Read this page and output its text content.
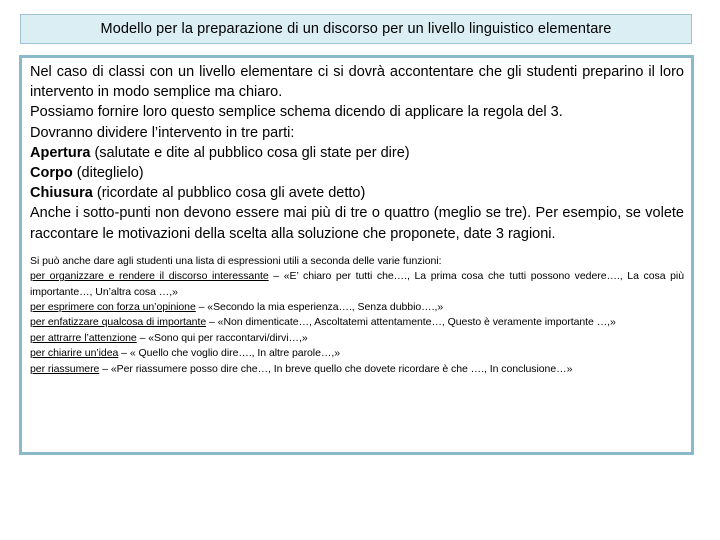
Modello per la preparazione di un discorso per un livello linguistico elementare

Nel caso di classi con un livello elementare ci si dovrà accontentare che gli studenti preparino il loro intervento in modo semplice ma chiaro.

Possiamo fornire loro questo semplice schema dicendo di applicare la regola del 3.

Dovranno dividere l’intervento in tre parti:

Apertura (salutate e dite al pubblico cosa gli state per dire)

Corpo (diteglielo)

Chiusura (ricordate al pubblico cosa gli avete detto)

Anche i sotto-punti non devono essere mai più di tre o quattro (meglio se tre). Per esempio, se volete raccontare le motivazioni della scelta alla soluzione che proponete, date 3 ragioni.

Si può anche dare agli studenti una lista di espressioni utili a seconda delle varie funzioni:

per organizzare e rendere il discorso interessante – «E’ chiaro per tutti che…., La prima cosa che tutti possono vedere…., La cosa più importante…, Un’altra cosa …,»

per esprimere con forza un’opinione – «Secondo la mia esperienza…., Senza dubbio….,»

per enfatizzare qualcosa di importante – «Non dimenticate…, Ascoltatemi attentamente…, Questo è veramente importante …,»

per attrarre l’attenzione – «Sono qui per raccontarvi/dirvi…,»

per chiarire un’idea – « Quello che voglio dire…., In altre parole…,»

per riassumere – «Per riassumere posso dire che…, In breve quello che dovete ricordare è che …., In conclusione…»
